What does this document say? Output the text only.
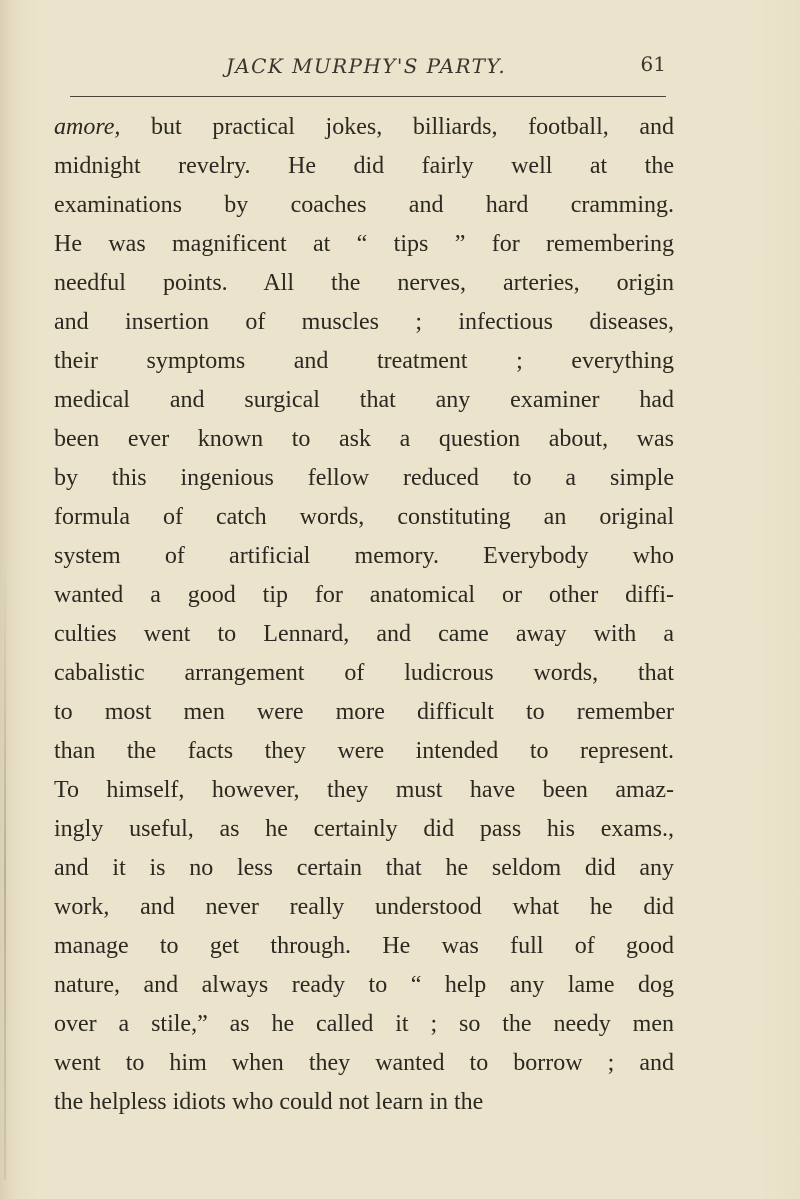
JACK MURPHY'S PARTY.	61
amore, but practical jokes, billiards, football, and
midnight revelry. He did fairly well at the
examinations by coaches and hard cramming.
He was magnificent at “ tips ” for remembering
needful points. All the nerves, arteries, origin
and insertion of muscles ; infectious diseases,
their symptoms and treatment ; everything
medical and surgical that any examiner had
been ever known to ask a question about, was
by this ingenious fellow reduced to a simple
formula of catch words, constituting an original
system of artificial memory. Everybody who
wanted a good tip for anatomical or other diffi-
culties went to Lennard, and came away with a
cabalistic arrangement of ludicrous words, that
to most men were more difficult to remember
than the facts they were intended to represent.
To himself, however, they must have been amaz-
ingly useful, as he certainly did pass his exams.,
and it is no less certain that he seldom did any
work, and never really understood what he did
manage to get through. He was full of good
nature, and always ready to “ help any lame dog
over a stile,” as he called it ; so the needy men
went to him when they wanted to borrow ; and
the helpless idiots who could not learn in the
